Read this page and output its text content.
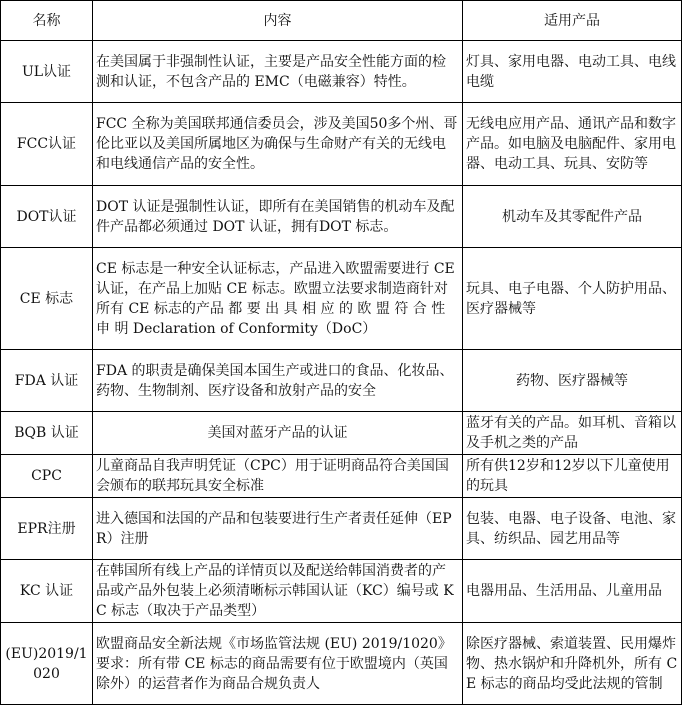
名称	内容	适用产品
UL认证	在美国属于非强制性认证，主要是产品安全性能方面的检测和认证，不包含产品的 EMC（电磁兼容）特性。	灯具、家用电器、电动工具、电线电缆
FCC认证	FCC 全称为美国联邦通信委员会，涉及美国50多个州、哥伦比亚以及美国所属地区为确保与生命财产有关的无线电和电线通信产品的安全性。	无线电应用产品、通讯产品和数字产品。如电脑及电脑配件、家用电器、电动工具、玩具、安防等
DOT认证	DOT 认证是强制性认证，即所有在美国销售的机动车及配件产品都必须通过 DOT 认证，拥有DOT 标志。	机动车及其零配件产品
CE 标志	CE 标志是一种安全认证标志，产品进入欧盟需要进行 CE 认证，在产品上加贴 CE 标志。欧盟立法要求制造商针对所有 CE 标志的产品 都 要 出 具 相 应 的 欧 盟 符 合 性 申 明 Declaration of Conformity（DoC）	玩具、电子电器、个人防护用品、医疗器械等
FDA 认证	FDA 的职责是确保美国本国生产或进口的食品、化妆品、药物、生物制剂、医疗设备和放射产品的安全	药物、医疗器械等
BQB 认证	美国对蓝牙产品的认证	蓝牙有关的产品。如耳机、音箱以及手机之类的产品
CPC	儿童商品自我声明凭证（CPC）用于证明商品符合美国国会颁布的联邦玩具安全标准	所有供12岁和12岁以下儿童使用的玩具
EPR注册	进入德国和法国的产品和包装要进行生产者责任延伸（EPR）注册	包装、电器、电子设备、电池、家具、纺织品、园艺用品等
KC 认证	在韩国所有线上产品的详情页以及配送给韩国消费者的产品或产品外包装上必须清晰标示韩国认证（KC）编号或 KC 标志（取决于产品类型）	电器用品、生活用品、儿童用品
(EU)2019/1020	欧盟商品安全新法规《市场监管法规 (EU) 2019/1020》要求：所有带 CE 标志的商品需要有位于欧盟境内（英国除外）的运营者作为商品合规负责人	除医疗器械、索道装置、民用爆炸物、热水锅炉和升降机外，所有 CE 标志的商品均受此法规的管制
